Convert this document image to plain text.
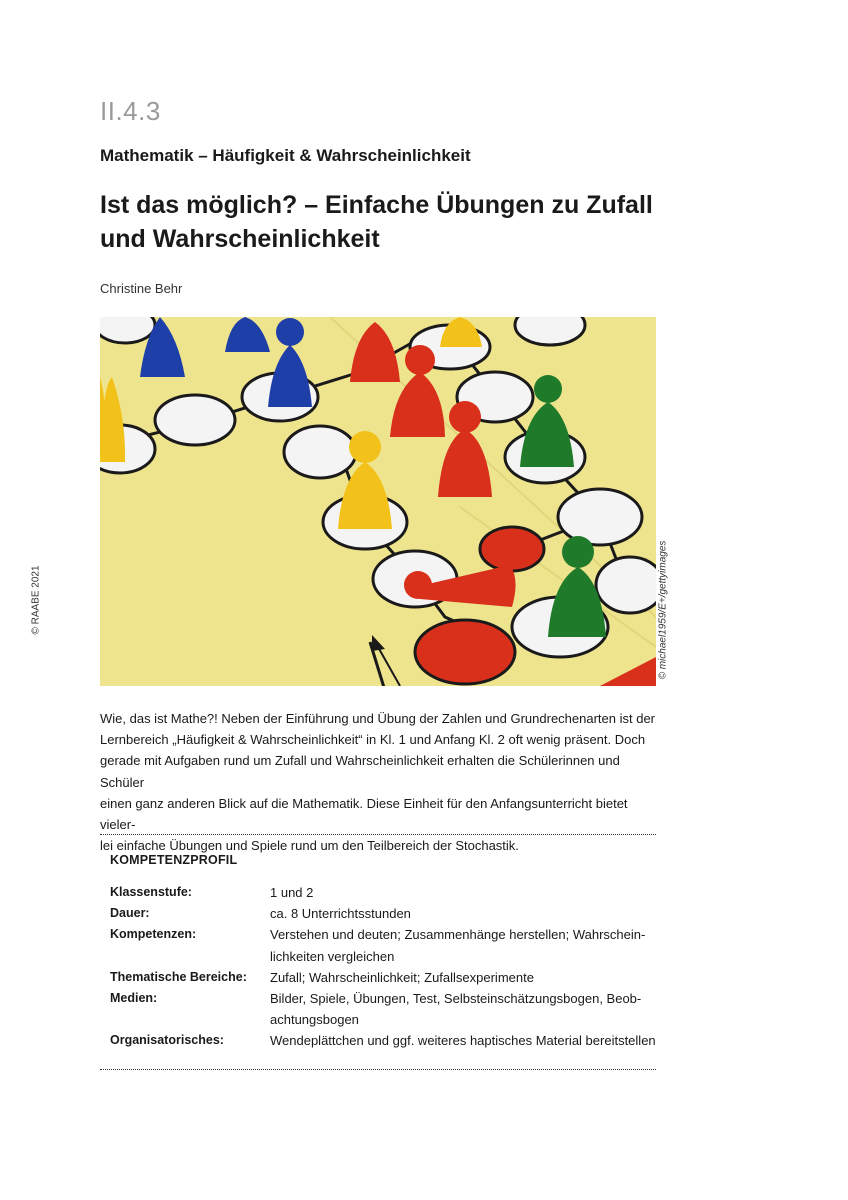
II.4.3
Mathematik – Häufigkeit & Wahrscheinlichkeit
Ist das möglich? – Einfache Übungen zu Zufall
und Wahrscheinlichkeit
Christine Behr
© RAABE 2021	© michael1959/E+/gettyimages
Wie, das ist Mathe?! Neben der Einführung und Übung der Zahlen und Grundrechenarten ist der
Lernbereich „Häufigkeit & Wahrscheinlichkeit“ in Kl. 1 und Anfang Kl. 2 oft wenig präsent. Doch
gerade mit Aufgaben rund um Zufall und Wahrscheinlichkeit erhalten die Schülerinnen und Schüler
einen ganz anderen Blick auf die Mathematik. Diese Einheit für den Anfangsunterricht bietet vieler-
lei einfache Übungen und Spiele rund um den Teilbereich der Stochastik.
KOMPETENZPROFIL
Klassenstufe:	1 und 2

Dauer:	ca. 8 Unterrichtsstunden

Kompetenzen:	Verstehen und deuten; Zusammenhänge herstellen; Wahrschein-
lichkeiten vergleichen

Thematische Bereiche:	Zufall; Wahrscheinlichkeit; Zufallsexperimente

Medien:	Bilder, Spiele, Übungen, Test, Selbsteinschätzungsbogen, Beob-
achtungsbogen

Organisatorisches:	Wendeplättchen und ggf. weiteres haptisches Material bereitstellen
